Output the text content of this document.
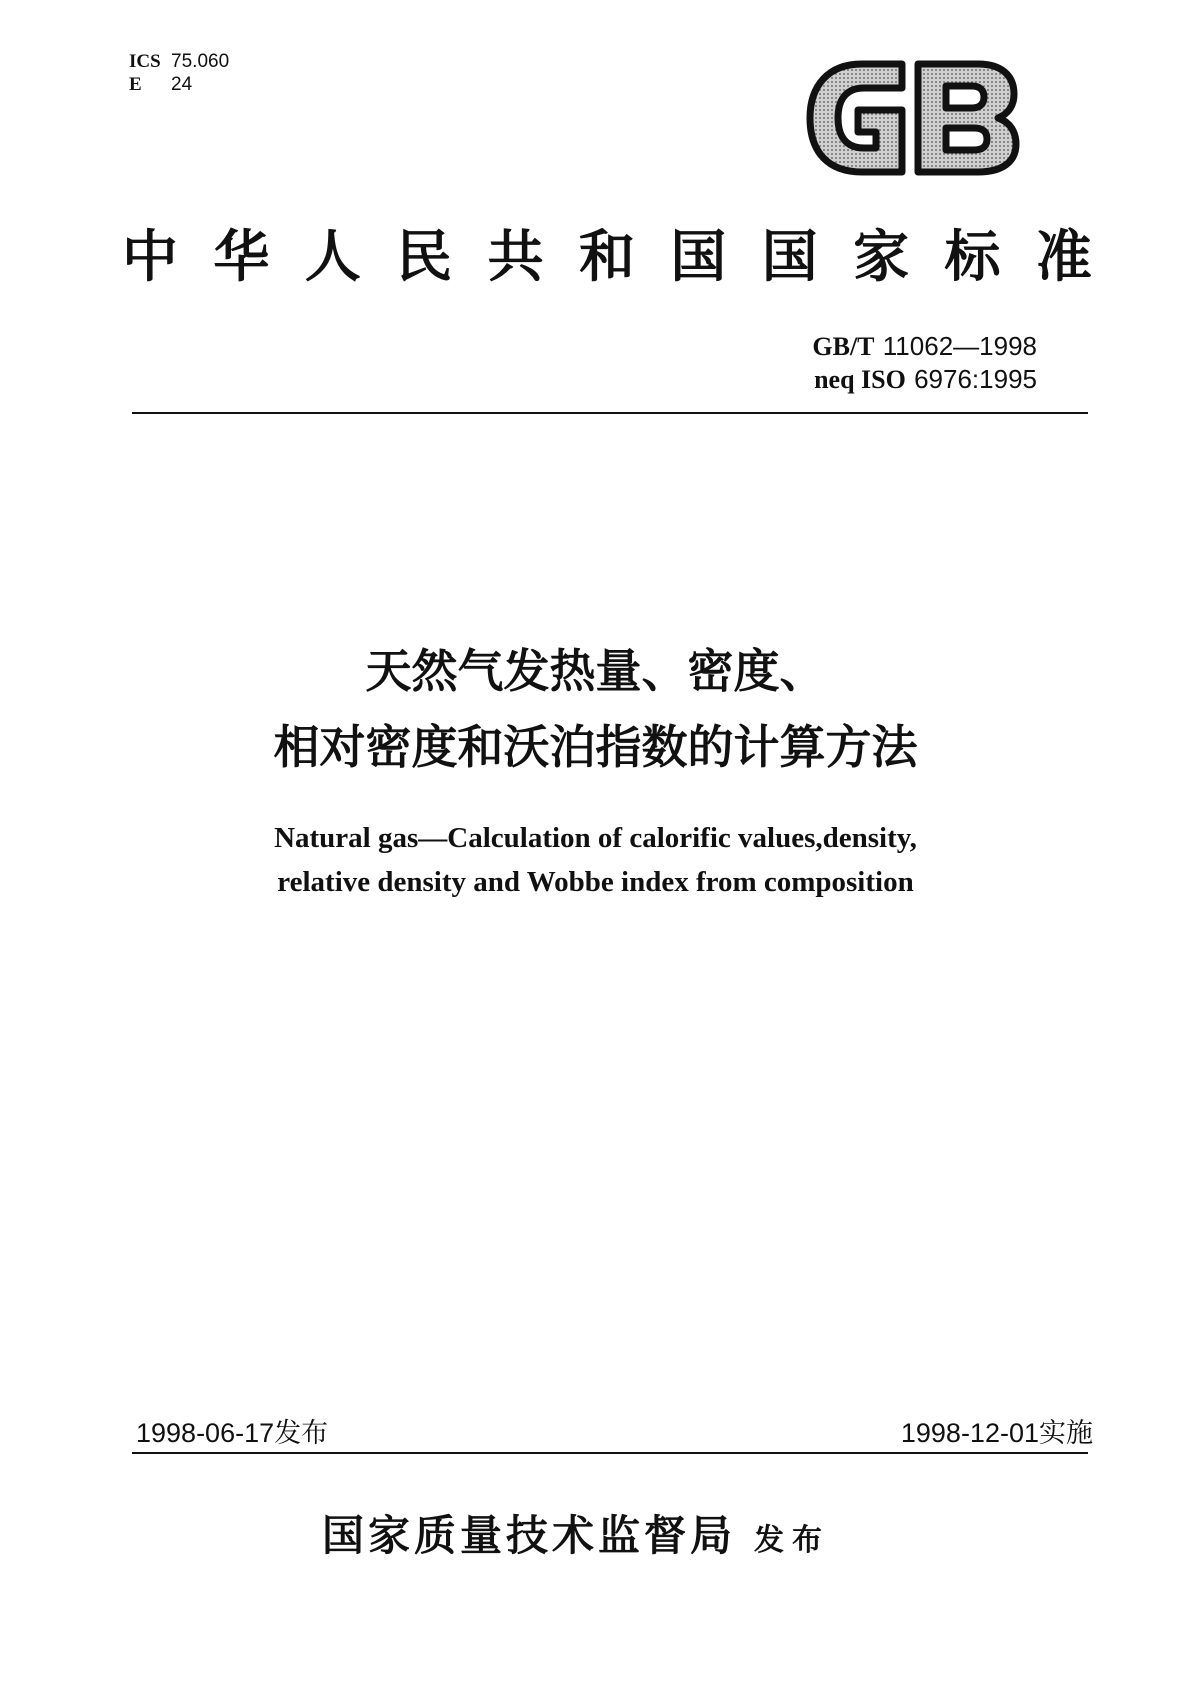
ICS 75.060
E 24
中 华 人 民 共 和 国 国 家 标 准
GB/T 11062—1998
neq ISO 6976:1995
天然气发热量、密度、
相对密度和沃泊指数的计算方法
Natural gas—Calculation of calorific values,density,
relative density and Wobbe index from composition
1998-06-17发布	1998-12-01实施
国家质量技术监督局 发布
